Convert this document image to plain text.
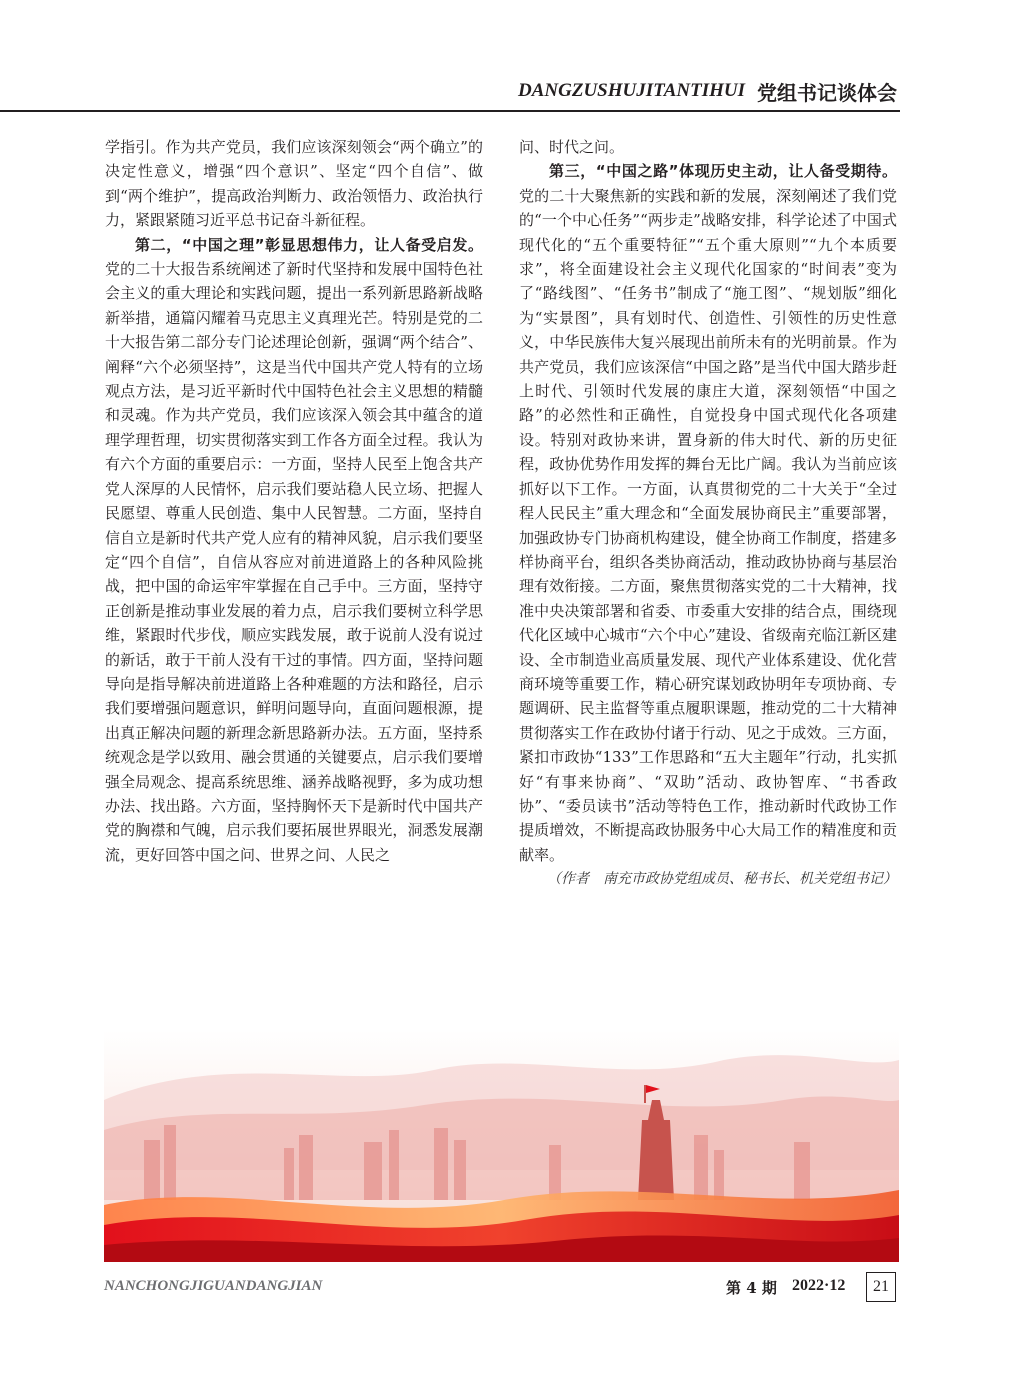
DANGZUSHUJITANTIHUI 党组书记谈体会

学指引。作为共产党员，我们应该深刻领会“两个确立”的决定性意义，增强“四个意识”、坚定“四个自信”、做到“两个维护”，提高政治判断力、政治领悟力、政治执行力，紧跟紧随习近平总书记奋斗新征程。

第二，“中国之理”彰显思想伟力，让人备受启发。党的二十大报告系统阐述了新时代坚持和发展中国特色社会主义的重大理论和实践问题，提出一系列新思路新战略新举措，通篇闪耀着马克思主义真理光芒。特别是党的二十大报告第二部分专门论述理论创新，强调“两个结合”、阐释“六个必须坚持”，这是当代中国共产党人特有的立场观点方法，是习近平新时代中国特色社会主义思想的精髓和灵魂。作为共产党员，我们应该深入领会其中蕴含的道理学理哲理，切实贯彻落实到工作各方面全过程。我认为有六个方面的重要启示：一方面，坚持人民至上饱含共产党人深厚的人民情怀，启示我们要站稳人民立场、把握人民愿望、尊重人民创造、集中人民智慧。二方面，坚持自信自立是新时代共产党人应有的精神风貌，启示我们要坚定“四个自信”，自信从容应对前进道路上的各种风险挑战，把中国的命运牢牢掌握在自己手中。三方面，坚持守正创新是推动事业发展的着力点，启示我们要树立科学思维，紧跟时代步伐，顺应实践发展，敢于说前人没有说过的新话，敢于干前人没有干过的事情。四方面，坚持问题导向是指导解决前进道路上各种难题的方法和路径，启示我们要增强问题意识，鲜明问题导向，直面问题根源，提出真正解决问题的新理念新思路新办法。五方面，坚持系统观念是学以致用、融会贯通的关键要点，启示我们要增强全局观念、提高系统思维、涵养战略视野，多为成功想办法、找出路。六方面，坚持胸怀天下是新时代中国共产党的胸襟和气魄，启示我们要拓展世界眼光，洞悉发展潮流，更好回答中国之问、世界之问、人民之

问、时代之问。

第三，“中国之路”体现历史主动，让人备受期待。党的二十大聚焦新的实践和新的发展，深刻阐述了我们党的“一个中心任务”“两步走”战略安排，科学论述了中国式现代化的“五个重要特征”“五个重大原则”“九个本质要求”，将全面建设社会主义现代化国家的“时间表”变为了“路线图”、“任务书”制成了“施工图”、“规划版”细化为“实景图”，具有划时代、创造性、引领性的历史性意义，中华民族伟大复兴展现出前所未有的光明前景。作为共产党员，我们应该深信“中国之路”是当代中国大踏步赶上时代、引领时代发展的康庄大道，深刻领悟“中国之路”的必然性和正确性，自觉投身中国式现代化各项建设。特别对政协来讲，置身新的伟大时代、新的历史征程，政协优势作用发挥的舞台无比广阔。我认为当前应该抓好以下工作。一方面，认真贯彻党的二十大关于“全过程人民民主”重大理念和“全面发展协商民主”重要部署，加强政协专门协商机构建设，健全协商工作制度，搭建多样协商平台，组织各类协商活动，推动政协协商与基层治理有效衔接。二方面，聚焦贯彻落实党的二十大精神，找准中央决策部署和省委、市委重大安排的结合点，围绕现代化区域中心城市“六个中心”建设、省级南充临江新区建设、全市制造业高质量发展、现代产业体系建设、优化营商环境等重要工作，精心研究谋划政协明年专项协商、专题调研、民主监督等重点履职课题，推动党的二十大精神贯彻落实工作在政协付诸于行动、见之于成效。三方面，紧扣市政协“133”工作思路和“五大主题年”行动，扎实抓好“有事来协商”、“双助”活动、政协智库、“书香政协”、“委员读书”活动等特色工作，推动新时代政协工作提质增效，不断提高政协服务中心大局工作的精准度和贡献率。

（作者　南充市政协党组成员、秘书长、机关党组书记）

NANCHONGJIGUANDANGJIAN	第 4 期 2022·12	21
